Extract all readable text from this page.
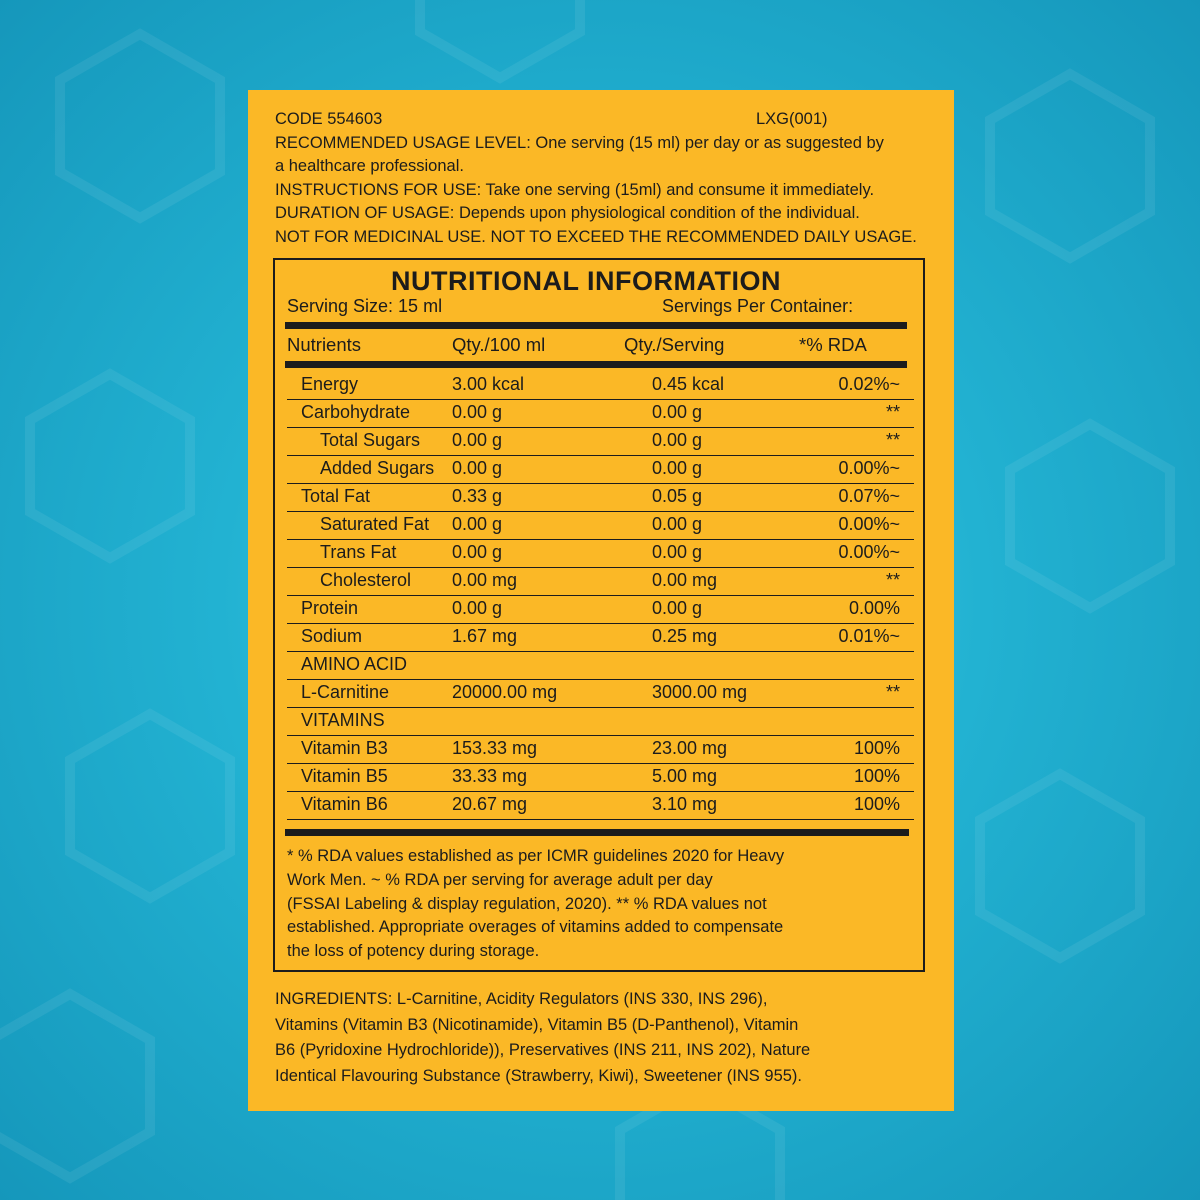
CODE 554603	LXG(001)
RECOMMENDED USAGE LEVEL: One serving (15 ml) per day or as suggested by
a healthcare professional.
INSTRUCTIONS FOR USE: Take one serving (15ml) and consume it immediately.
DURATION OF USAGE: Depends upon physiological condition of the individual.
NOT FOR MEDICINAL USE. NOT TO EXCEED THE RECOMMENDED DAILY USAGE.
NUTRITIONAL INFORMATION
Serving Size: 15 ml	Servings Per Container:
Nutrients	Qty./100 ml	Qty./Serving	*% RDA
Energy	3.00 kcal	0.45 kcal	0.02%~
Carbohydrate 0.00 g	0.00 g	**
Total Sugars 0.00 g	0.00 g	**
Added Sugars 0.00 g	0.00 g	0.00%~
Total Fat	0.33 g	0.05 g	0.07%~
Saturated Fat 0.00 g	0.00 g	0.00%~
Trans Fat	0.00 g	0.00 g	0.00%~
Cholesterol 0.00 mg	0.00 mg	**
Protein	0.00 g	0.00 g	0.00%
Sodium	1.67 mg	0.25 mg	0.01%~
AMINO ACID
L-Carnitine	20000.00 mg	3000.00 mg	**
VITAMINS
Vitamin B3	153.33 mg	23.00 mg	100%
Vitamin B5	33.33 mg	5.00 mg	100%
Vitamin B6	20.67 mg	3.10 mg	100%
* % RDA values established as per ICMR guidelines 2020 for Heavy
Work Men. ~ % RDA per serving for average adult per day
(FSSAI Labeling & display regulation, 2020). ** % RDA values not
established. Appropriate overages of vitamins added to compensate
the loss of potency during storage.
INGREDIENTS: L-Carnitine, Acidity Regulators (INS 330, INS 296),
Vitamins (Vitamin B3 (Nicotinamide), Vitamin B5 (D-Panthenol), Vitamin
B6 (Pyridoxine Hydrochloride)), Preservatives (INS 211, INS 202), Nature
Identical Flavouring Substance (Strawberry, Kiwi), Sweetener (INS 955).
